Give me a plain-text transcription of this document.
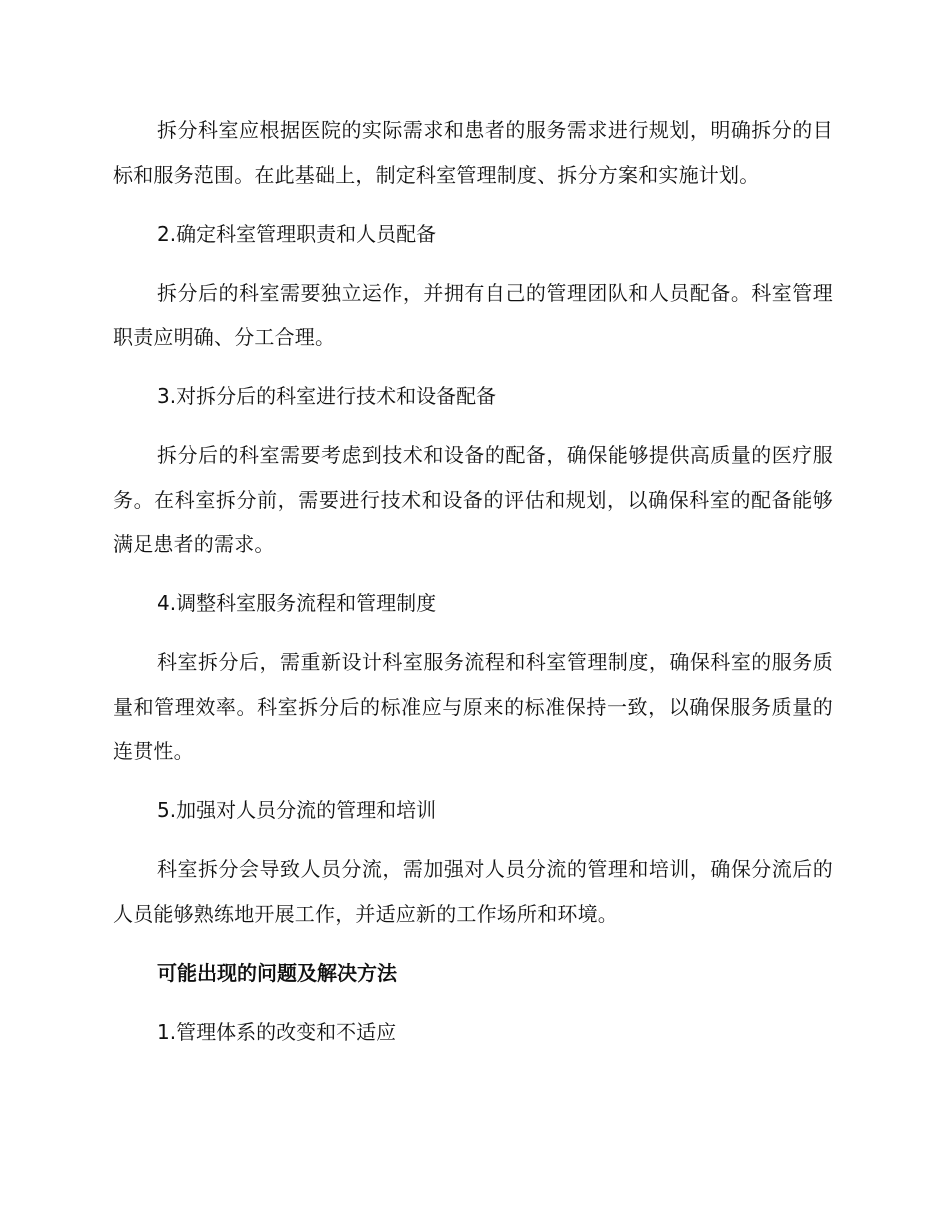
拆分科室应根据医院的实际需求和患者的服务需求进行规划，明确拆分的目标和服务范围。在此基础上，制定科室管理制度、拆分方案和实施计划。

2.确定科室管理职责和人员配备

拆分后的科室需要独立运作，并拥有自己的管理团队和人员配备。科室管理职责应明确、分工合理。

3.对拆分后的科室进行技术和设备配备

拆分后的科室需要考虑到技术和设备的配备，确保能够提供高质量的医疗服务。在科室拆分前，需要进行技术和设备的评估和规划，以确保科室的配备能够满足患者的需求。

4.调整科室服务流程和管理制度

科室拆分后，需重新设计科室服务流程和科室管理制度，确保科室的服务质量和管理效率。科室拆分后的标准应与原来的标准保持一致，以确保服务质量的连贯性。

5.加强对人员分流的管理和培训

科室拆分会导致人员分流，需加强对人员分流的管理和培训，确保分流后的人员能够熟练地开展工作，并适应新的工作场所和环境。

可能出现的问题及解决方法

1.管理体系的改变和不适应
